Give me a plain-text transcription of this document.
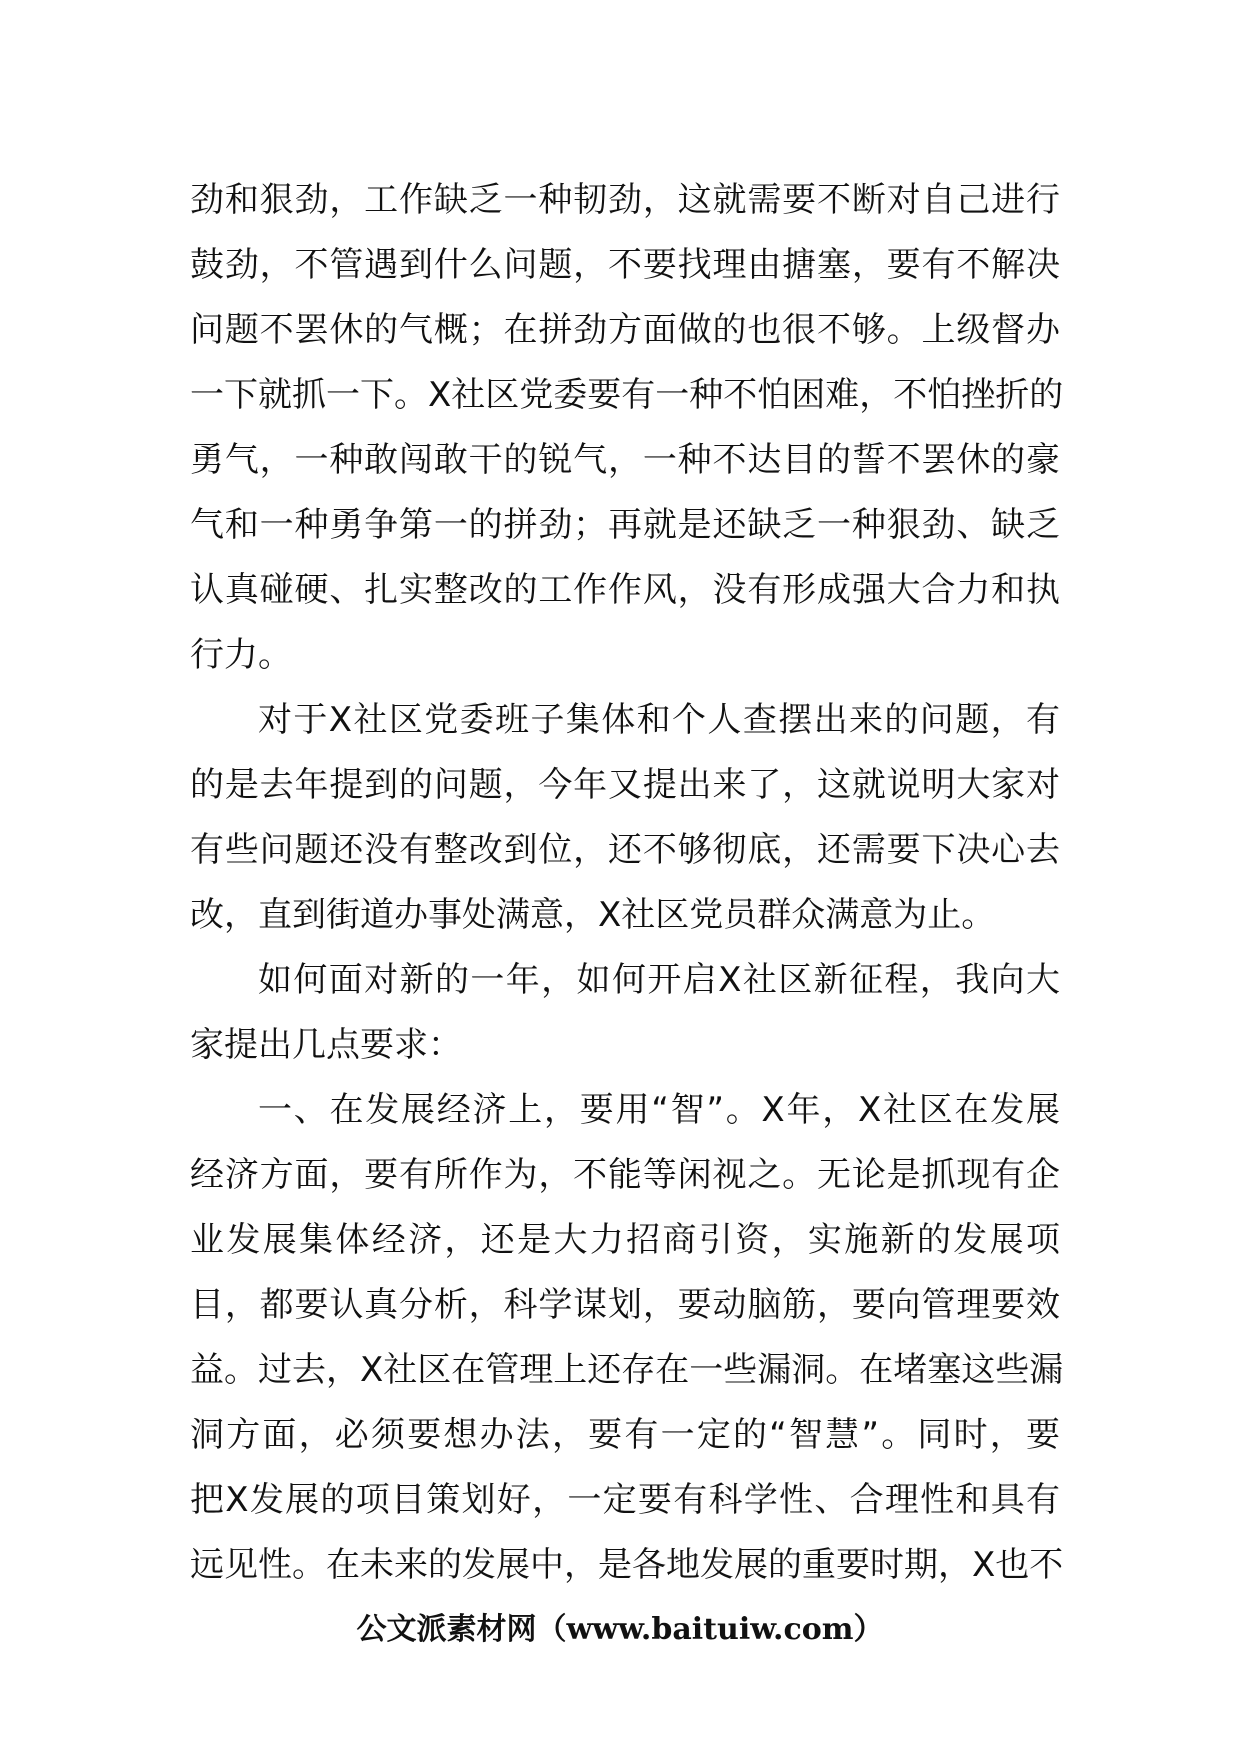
劲和狠劲，工作缺乏一种韧劲，这就需要不断对自己进行
鼓劲，不管遇到什么问题，不要找理由搪塞，要有不解决
问题不罢休的气概；在拼劲方面做的也很不够。上级督办
一下就抓一下。X社区党委要有一种不怕困难，不怕挫折的
勇气，一种敢闯敢干的锐气，一种不达目的誓不罢休的豪
气和一种勇争第一的拼劲；再就是还缺乏一种狠劲、缺乏
认真碰硬、扎实整改的工作作风，没有形成强大合力和执
行力。
对于X社区党委班子集体和个人查摆出来的问题，有
的是去年提到的问题，今年又提出来了，这就说明大家对
有些问题还没有整改到位，还不够彻底，还需要下决心去
改，直到街道办事处满意，X社区党员群众满意为止。
如何面对新的一年，如何开启X社区新征程，我向大
家提出几点要求：
一、在发展经济上，要用“智”。X年，X社区在发展
经济方面，要有所作为，不能等闲视之。无论是抓现有企
业发展集体经济，还是大力招商引资，实施新的发展项
目，都要认真分析，科学谋划，要动脑筋，要向管理要效
益。过去，X社区在管理上还存在一些漏洞。在堵塞这些漏
洞方面，必须要想办法，要有一定的“智慧”。同时，要
把X发展的项目策划好，一定要有科学性、合理性和具有
远见性。在未来的发展中，是各地发展的重要时期，X也不
公文派素材网（www.baituiw.com）
